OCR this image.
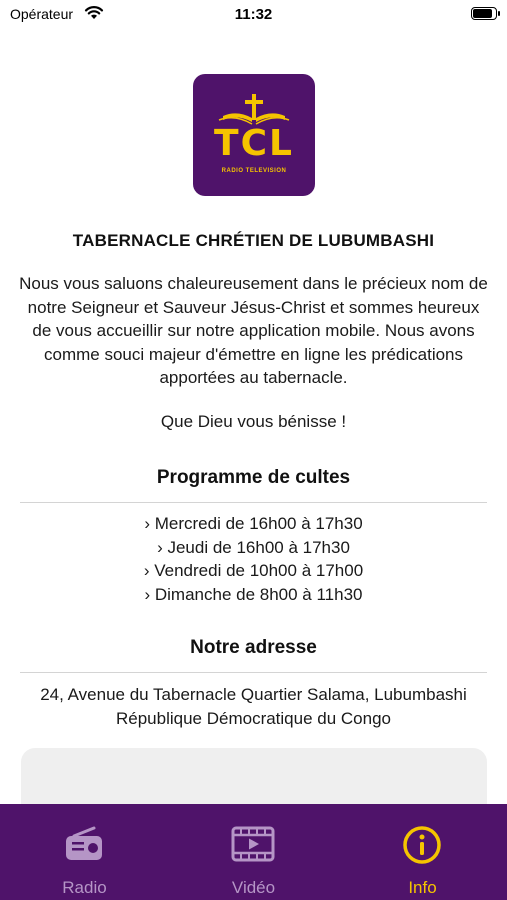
Opérateur	11:32
TCL
RADIO TELEVISION
TABERNACLE CHRÉTIEN DE LUBUMBASHI
Nous vous saluons chaleureusement dans le précieux nom de notre Seigneur et Sauveur Jésus-Christ et sommes heureux de vous accueillir sur notre application mobile. Nous avons comme souci majeur d'émettre en ligne les prédications apportées au tabernacle.
Que Dieu vous bénisse !
Programme de cultes
› Mercredi de 16h00 à 17h30
› Jeudi de 16h00 à 17h30
› Vendredi de 10h00 à 17h00
› Dimanche de 8h00 à 11h30
Notre adresse
24, Avenue du Tabernacle Quartier Salama, Lubumbashi République Démocratique du Congo
Radio	Vidéo	Info
